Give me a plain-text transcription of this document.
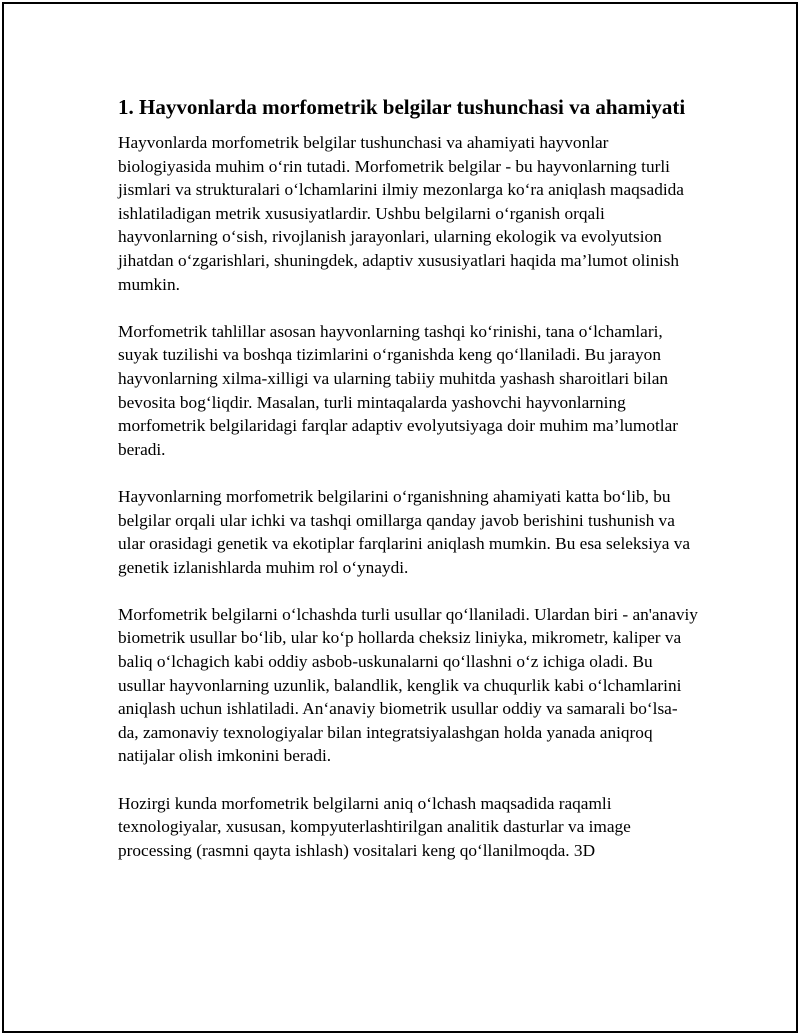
1. Hayvonlarda morfometrik belgilar tushunchasi va ahamiyati

Hayvonlarda morfometrik belgilar tushunchasi va ahamiyati hayvonlar biologiyasida muhim o‘rin tutadi. Morfometrik belgilar - bu hayvonlarning turli jismlari va strukturalari o‘lchamlarini ilmiy mezonlarga ko‘ra aniqlash maqsadida ishlatiladigan metrik xususiyatlardir. Ushbu belgilarni o‘rganish orqali hayvonlarning o‘sish, rivojlanish jarayonlari, ularning ekologik va evolyutsion jihatdan o‘zgarishlari, shuningdek, adaptiv xususiyatlari haqida ma’lumot olinish mumkin.

Morfometrik tahlillar asosan hayvonlarning tashqi ko‘rinishi, tana o‘lchamlari, suyak tuzilishi va boshqa tizimlarini o‘rganishda keng qo‘llaniladi. Bu jarayon hayvonlarning xilma-xilligi va ularning tabiiy muhitda yashash sharoitlari bilan bevosita bog‘liqdir. Masalan, turli mintaqalarda yashovchi hayvonlarning morfometrik belgilaridagi farqlar adaptiv evolyutsiyaga doir muhim ma’lumotlar beradi.

Hayvonlarning morfometrik belgilarini o‘rganishning ahamiyati katta bo‘lib, bu belgilar orqali ular ichki va tashqi omillarga qanday javob berishini tushunish va ular orasidagi genetik va ekotiplar farqlarini aniqlash mumkin. Bu esa seleksiya va genetik izlanishlarda muhim rol o‘ynaydi.

Morfometrik belgilarni o‘lchashda turli usullar qo‘llaniladi. Ulardan biri - an'anaviy biometrik usullar bo‘lib, ular ko‘p hollarda cheksiz liniyka, mikrometr, kaliper va baliq o‘lchagich kabi oddiy asbob-uskunalarni qo‘llashni o‘z ichiga oladi. Bu usullar hayvonlarning uzunlik, balandlik, kenglik va chuqurlik kabi o‘lchamlarini aniqlash uchun ishlatiladi. An‘anaviy biometrik usullar oddiy va samarali bo‘lsa-da, zamonaviy texnologiyalar bilan integratsiyalashgan holda yanada aniqroq natijalar olish imkonini beradi.

Hozirgi kunda morfometrik belgilarni aniq o‘lchash maqsadida raqamli texnologiyalar, xususan, kompyuterlashtirilgan analitik dasturlar va image processing (rasmni qayta ishlash) vositalari keng qo‘llanilmoqda. 3D
